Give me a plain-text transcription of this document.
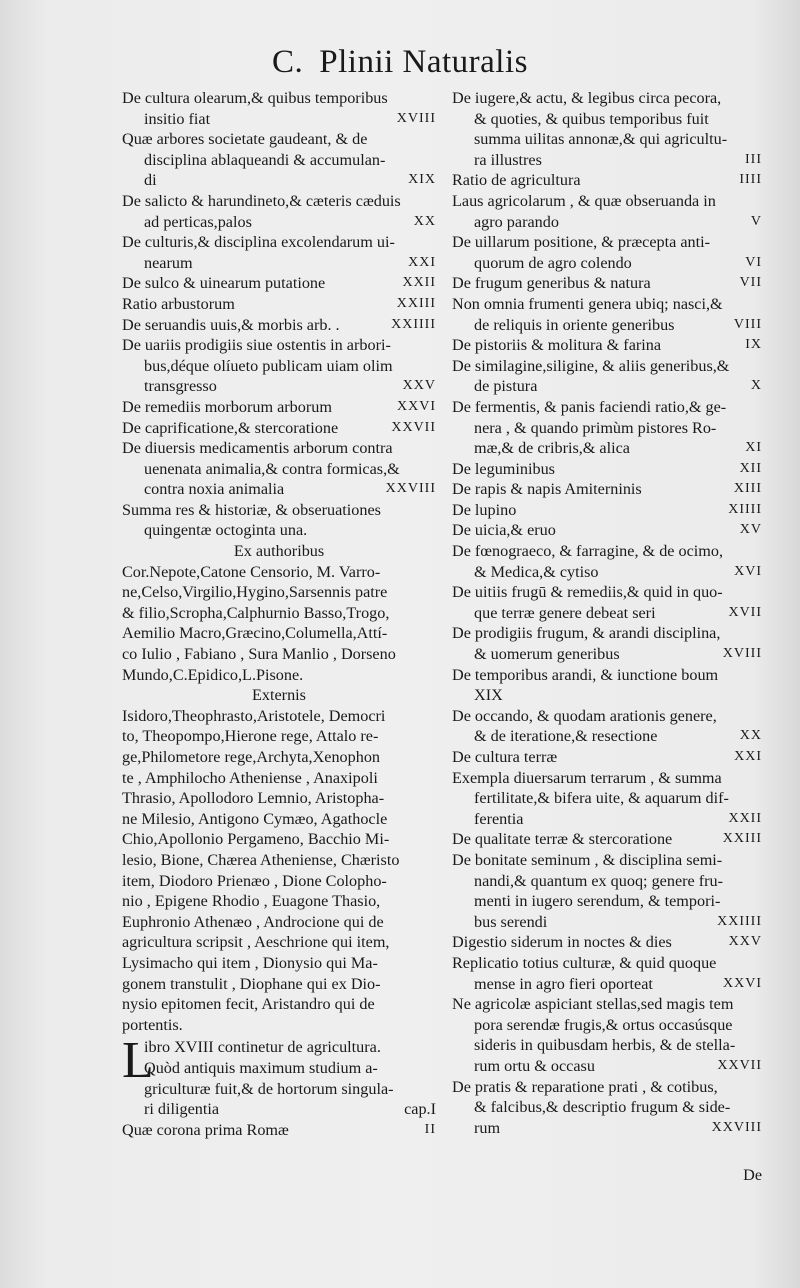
C. Plinii Naturalis
De cultura olearum,& quibus temporibus
insitio fiat	XVIII
Quæ arbores societate gaudeant, & de
disciplina ablaqueandi & accumulan-
di	XIX
De salicto & harundineto,& cæteris cæduis
ad perticas,palos	XX
De culturis,& disciplina excolendarum ui-
nearum	XXI
De sulco & uinearum putatione	XXII
Ratio arbustorum	XXIII
De seruandis uuis,& morbis arb. .	XXIIII
De uariis prodigiis siue ostentis in arbori-
bus,déque olíueto publicam uiam olim
transgresso	XXV
De remediis morborum arborum	XXVI
De caprificatione,& stercoratione	XXVII
De diuersis medicamentis arborum contra
uenenata animalia,& contra formicas,&
contra noxia animalia	XXVIII
Summa res & historiæ, & obseruationes
quingentæ octoginta una.
Ex authoribus
Cor.Nepote,Catone Censorio, M. Varro-
ne,Celso,Virgilio,Hygino,Sarsennis patre
& filio,Scropha,Calphurnio Basso,Trogo,
Aemilio Macro,Græcino,Columella,Attí-
co Iulio , Fabiano , Sura Manlio , Dorseno
Mundo,C.Epidico,L.Pisone.
Externis
Isidoro,Theophrasto,Aristotele, Democri
to, Theopompo,Hierone rege, Attalo re-
ge,Philometore rege,Archyta,Xenophon
te , Amphilocho Atheniense , Anaxipoli
Thrasio, Apollodoro Lemnio, Aristopha-
ne Milesio, Antigono Cymæo, Agathocle
Chio,Apollonio Pergameno, Bacchio Mi-
lesio, Bione, Chærea Atheniense, Chæristo
item, Diodoro Prienæo , Dione Colopho-
nio , Epigene Rhodio , Euagone Thasio,
Euphronio Athenæo , Androcione qui de
agricultura scripsit , Aeschrione qui item,
Lysimacho qui item , Dionysio qui Ma-
gonem transtulit , Diophane qui ex Dio-
nysio epitomen fecit, Aristandro qui de
portentis.
L
ibro XVIII continetur de agricultura.
Quòd antiquis maximum studium a-
griculturæ fuit,& de hortorum singula-
ri diligentia	cap.I
Quæ corona prima Romæ	II
De iugere,& actu, & legibus circa pecora,
& quoties, & quibus temporibus fuit
summa uilitas annonæ,& qui agricultu-
ra illustres	III
Ratio de agricultura	IIII
Laus agricolarum , & quæ obseruanda in
agro parando	V
De uillarum positione, & præcepta anti-
quorum de agro colendo	VI
De frugum generibus & natura	VII
Non omnia frumenti genera ubiq; nasci,&
de reliquis in oriente generibus	VIII
De pistoriis & molitura & farina	IX
De similagine,siligine, & aliis generibus,&
de pistura	X
De fermentis, & panis faciendi ratio,& ge-
nera , & quando primùm pistores Ro-
mæ,& de cribris,& alica	XI
De leguminibus	XII
De rapis & napis Amiterninis	XIII
De lupino	XIIII
De uicia,& eruo	XV
De fœnograeco, & farragine, & de ocimo,
& Medica,& cytiso	XVI
De uitiis frugū & remediis,& quid in quo-
que terræ genere debeat seri	XVII
De prodigiis frugum, & arandi disciplina,
& uomerum generibus	XVIII
De temporibus arandi, & iunctione boum
XIX
De occando, & quodam arationis genere,
& de iteratione,& resectione	XX
De cultura terræ	XXI
Exempla diuersarum terrarum , & summa
fertilitate,& bifera uite, & aquarum dif-
ferentia	XXII
De qualitate terræ & stercoratione	XXIII
De bonitate seminum , & disciplina semi-
nandi,& quantum ex quoq; genere fru-
menti in iugero serendum, & tempori-
bus serendi	XXIIII
Digestio siderum in noctes & dies	XXV
Replicatio totius culturæ, & quid quoque
mense in agro fieri oporteat	XXVI
Ne agricolæ aspiciant stellas,sed magis tem
pora serendæ frugis,& ortus occasúsque
sideris in quibusdam herbis, & de stella-
rum ortu & occasu	XXVII
De pratis & reparatione prati , & cotibus,
& falcibus,& descriptio frugum & side-
rum	XXVIII
De
